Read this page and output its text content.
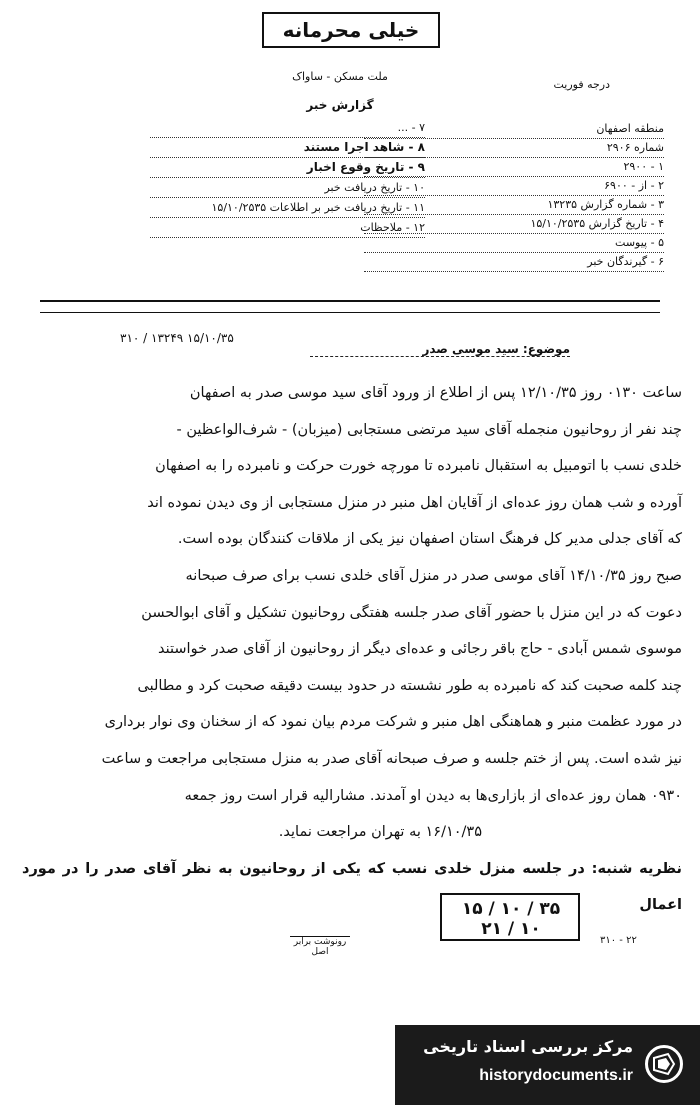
خیلی محرمانه
درجه فوریت
ملت مسکن - ساواک
گزارش خبر
منطقه اصفهان
شماره ۲۹۰۶
۱ - ۲۹۰۰
۲ - از - ۶۹۰۰
۳ - شماره گزارش ۱۳۲۳۵
۴ - تاریخ گزارش ۱۵/۱۰/۲۵۳۵
۵ - پیوست
۶ - گیرندگان خبر
۷ - ...
۸ - شاهد اجرا مستند
۹ - تاریخ وقوع اخبار
۱۰ - تاریخ دریافت خبر
۱۱ - تاریخ دریافت خبر بر اطلاعات ۱۵/۱۰/۲۵۳۵
۱۲ - ملاحظات
۳۱۰ / ۱۳۲۴۹ ۱۵/۱۰/۳۵
موضوع: سید موسی صدر
ساعت ۰۱۳۰ روز ۱۲/۱۰/۳۵ پس از اطلاع از ورود آقای سید موسی صدر به اصفهان
چند نفر از روحانیون منجمله آقای سید مرتضی مستجابی (میزبان) - شرف‌الواعظین -
خلدی نسب با اتومبیل به استقبال نامبرده تا مورچه خورت حرکت و نامبرده را به اصفهان
آورده و شب همان روز عده‌ای از آقایان اهل منبر در منزل مستجابی از وی دیدن نموده اند
که آقای جدلی مدیر کل فرهنگ استان اصفهان نیز یکی از ملاقات کنندگان بوده است.
صبح روز ۱۴/۱۰/۳۵ آقای موسی صدر در منزل آقای خلدی نسب برای صرف صبحانه
دعوت که در این منزل با حضور آقای صدر جلسه هفتگی روحانیون تشکیل و آقای ابوالحسن
موسوی شمس آبادی - حاج باقر رجائی و عده‌ای دیگر از روحانیون از آقای صدر خواستند
چند کلمه صحبت کند که نامبرده به طور نشسته در حدود بیست دقیقه صحبت کرد و مطالبی
در مورد عظمت منبر و هماهنگی اهل منبر و شرکت مردم بیان نمود که از سخنان وی نوار برداری
نیز شده است. پس از ختم جلسه و صرف صبحانه آقای صدر به منزل مستجابی مراجعت و ساعت
۰۹۳۰ همان روز عده‌ای از بازاری‌ها به دیدن او آمدند. مشارالیه قرار است روز جمعه
۱۶/۱۰/۳۵ به تهران مراجعت نماید.
نظریه شنبه: در جلسه منزل خلدی نسب که یکی از روحانیون به نظر آقای صدر را در مورد اعمال
رونوشت برابر اصل
۱۵ / ۱۰ / ۳۵
۲۱ / ۱۰
۳۱۰ - ۲۲
مرکز بررسی اسناد تاریخی
historydocuments.ir
